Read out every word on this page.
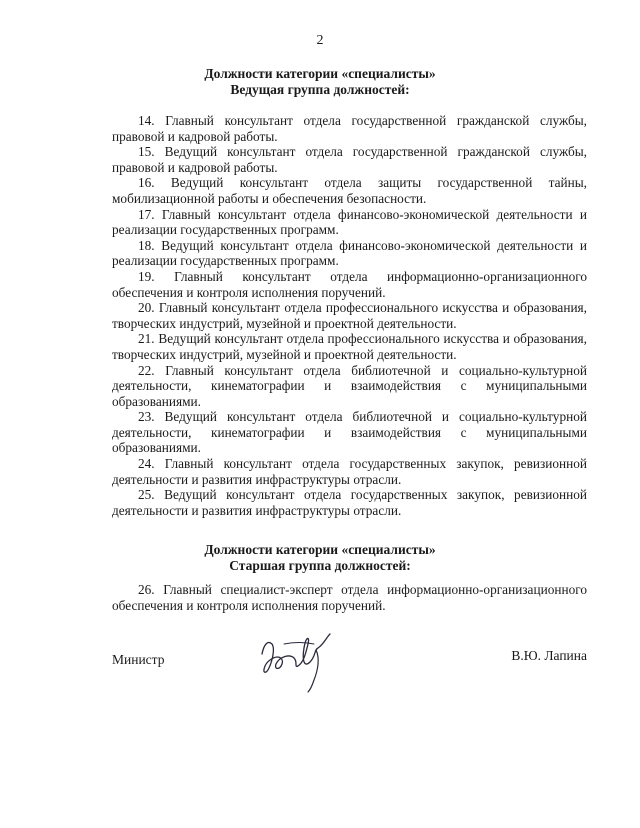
2
Должности категории «специалисты»
Ведущая группа должностей:

14. Главный консультант отдела государственной гражданской службы, правовой и кадровой работы.

15. Ведущий консультант отдела государственной гражданской службы, правовой и кадровой работы.

16. Ведущий консультант отдела защиты государственной тайны, мобилизационной работы и обеспечения безопасности.

17. Главный консультант отдела финансово-экономической деятельности и реализации государственных программ.

18. Ведущий консультант отдела финансово-экономической деятельности и реализации государственных программ.

19. Главный консультант отдела информационно-организационного обеспечения и контроля исполнения поручений.

20. Главный консультант отдела профессионального искусства и образования, творческих индустрий, музейной и проектной деятельности.

21. Ведущий консультант отдела профессионального искусства и образования, творческих индустрий, музейной и проектной деятельности.

22. Главный консультант отдела библиотечной и социально-культурной деятельности, кинематографии и взаимодействия с муниципальными образованиями.

23. Ведущий консультант отдела библиотечной и социально-культурной деятельности, кинематографии и взаимодействия с муниципальными образованиями.

24. Главный консультант отдела государственных закупок, ревизионной деятельности и развития инфраструктуры отрасли.

25. Ведущий консультант отдела государственных закупок, ревизионной деятельности и развития инфраструктуры отрасли.

Должности категории «специалисты»
Старшая группа должностей:

26. Главный специалист-эксперт отдела информационно-организационного обеспечения и контроля исполнения поручений.

Министр	В.Ю. Лапина
